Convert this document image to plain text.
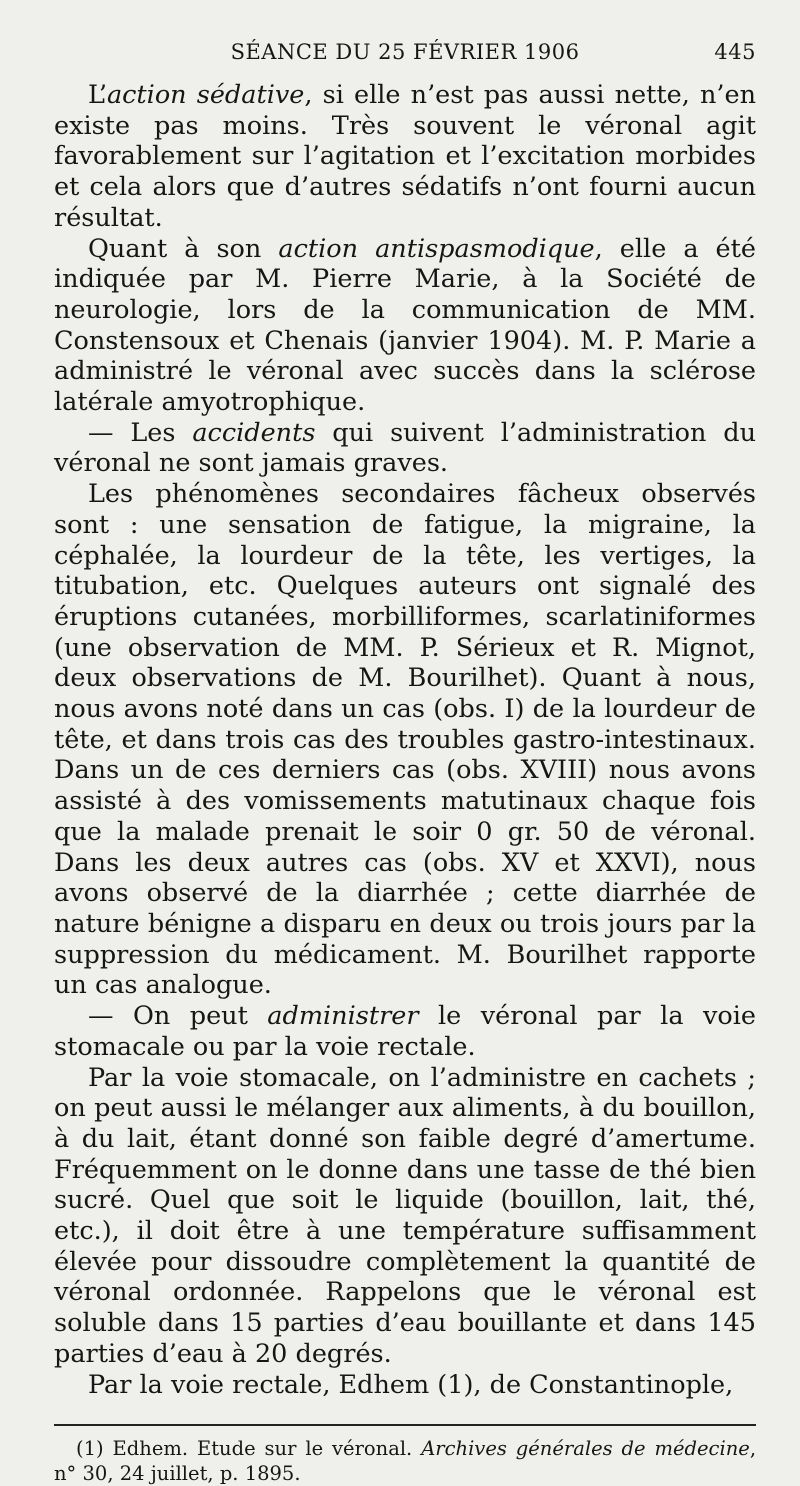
SÉANCE DU 25 FÉVRIER 1906	445

L’action sédative, si elle n’est pas aussi nette, n’en existe pas moins. Très souvent le véronal agit favorablement sur l’agitation et l’excitation morbides et cela alors que d’autres sédatifs n’ont fourni aucun résultat.

Quant à son action antispasmodique, elle a été indiquée par M. Pierre Marie, à la Société de neurologie, lors de la communication de MM. Constensoux et Chenais (janvier 1904). M. P. Marie a administré le véronal avec succès dans la sclérose latérale amyotrophique.

— Les accidents qui suivent l’administration du véronal ne sont jamais graves.

Les phénomènes secondaires fâcheux observés sont : une sensation de fatigue, la migraine, la céphalée, la lourdeur de la tête, les vertiges, la titubation, etc. Quelques auteurs ont signalé des éruptions cutanées, morbilliformes, scarlatiniformes (une observation de MM. P. Sérieux et R. Mignot, deux observations de M. Bourilhet). Quant à nous, nous avons noté dans un cas (obs. I) de la lourdeur de tête, et dans trois cas des troubles gastro-intestinaux. Dans un de ces derniers cas (obs. XVIII) nous avons assisté à des vomissements matutinaux chaque fois que la malade prenait le soir 0 gr. 50 de véronal. Dans les deux autres cas (obs. XV et XXVI), nous avons observé de la diarrhée ; cette diarrhée de nature bénigne a disparu en deux ou trois jours par la suppression du médicament. M. Bourilhet rapporte un cas analogue.

— On peut administrer le véronal par la voie stomacale ou par la voie rectale.

Par la voie stomacale, on l’administre en cachets ; on peut aussi le mélanger aux aliments, à du bouillon, à du lait, étant donné son faible degré d’amertume. Fréquemment on le donne dans une tasse de thé bien sucré. Quel que soit le liquide (bouillon, lait, thé, etc.), il doit être à une température suffisamment élevée pour dissoudre complètement la quantité de véronal ordonnée. Rappelons que le véronal est soluble dans 15 parties d’eau bouillante et dans 145 parties d’eau à 20 degrés.

Par la voie rectale, Edhem (1), de Constantinople,

(1) Edhem. Etude sur le véronal. Archives générales de médecine, n° 30, 24 juillet, p. 1895.
